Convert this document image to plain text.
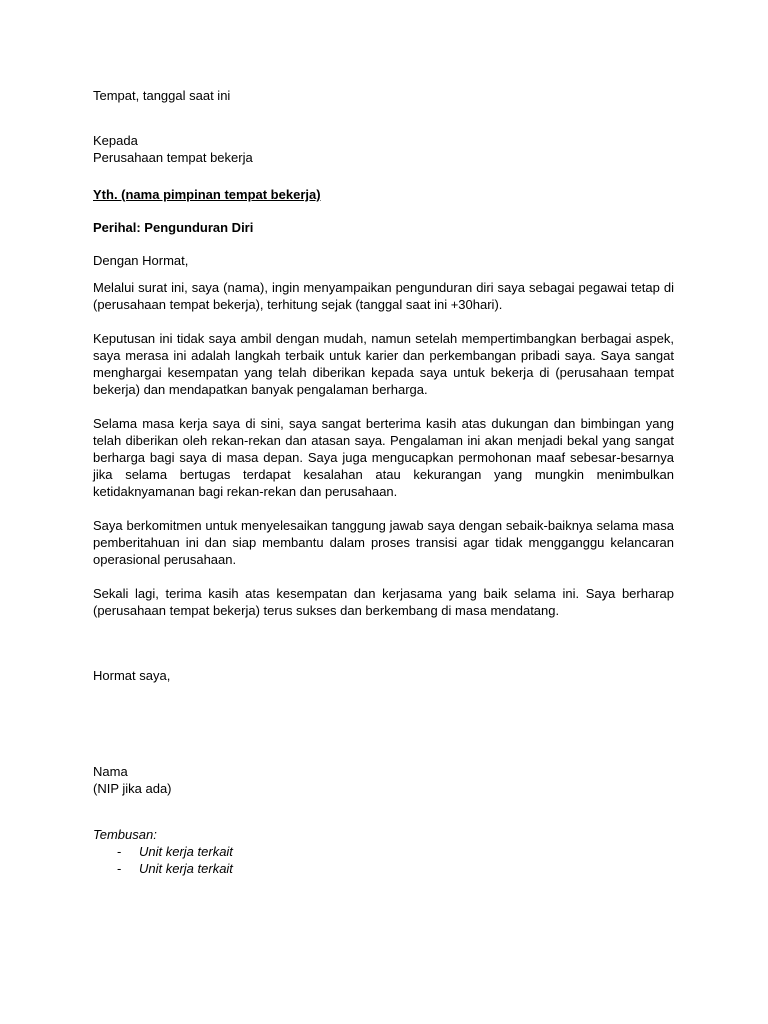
Tempat, tanggal saat ini
Kepada
Perusahaan tempat bekerja
Yth. (nama pimpinan tempat bekerja)
Perihal: Pengunduran Diri
Dengan Hormat,

Melalui surat ini, saya (nama), ingin menyampaikan pengunduran diri saya sebagai pegawai tetap di (perusahaan tempat bekerja), terhitung sejak (tanggal saat ini +30hari).

Keputusan ini tidak saya ambil dengan mudah, namun setelah mempertimbangkan berbagai aspek, saya merasa ini adalah langkah terbaik untuk karier dan perkembangan pribadi saya. Saya sangat menghargai kesempatan yang telah diberikan kepada saya untuk bekerja di (perusahaan tempat bekerja) dan mendapatkan banyak pengalaman berharga.

Selama masa kerja saya di sini, saya sangat berterima kasih atas dukungan dan bimbingan yang telah diberikan oleh rekan-rekan dan atasan saya. Pengalaman ini akan menjadi bekal yang sangat berharga bagi saya di masa depan. Saya juga mengucapkan permohonan maaf sebesar-besarnya jika selama bertugas terdapat kesalahan atau kekurangan yang mungkin menimbulkan ketidaknyamanan bagi rekan-rekan dan perusahaan.

Saya berkomitmen untuk menyelesaikan tanggung jawab saya dengan sebaik-baiknya selama masa pemberitahuan ini dan siap membantu dalam proses transisi agar tidak mengganggu kelancaran operasional perusahaan.

Sekali lagi, terima kasih atas kesempatan dan kerjasama yang baik selama ini. Saya berharap (perusahaan tempat bekerja) terus sukses dan berkembang di masa mendatang.

Hormat saya,
Nama
(NIP jika ada)
Tembusan:
- Unit kerja terkait
- Unit kerja terkait
